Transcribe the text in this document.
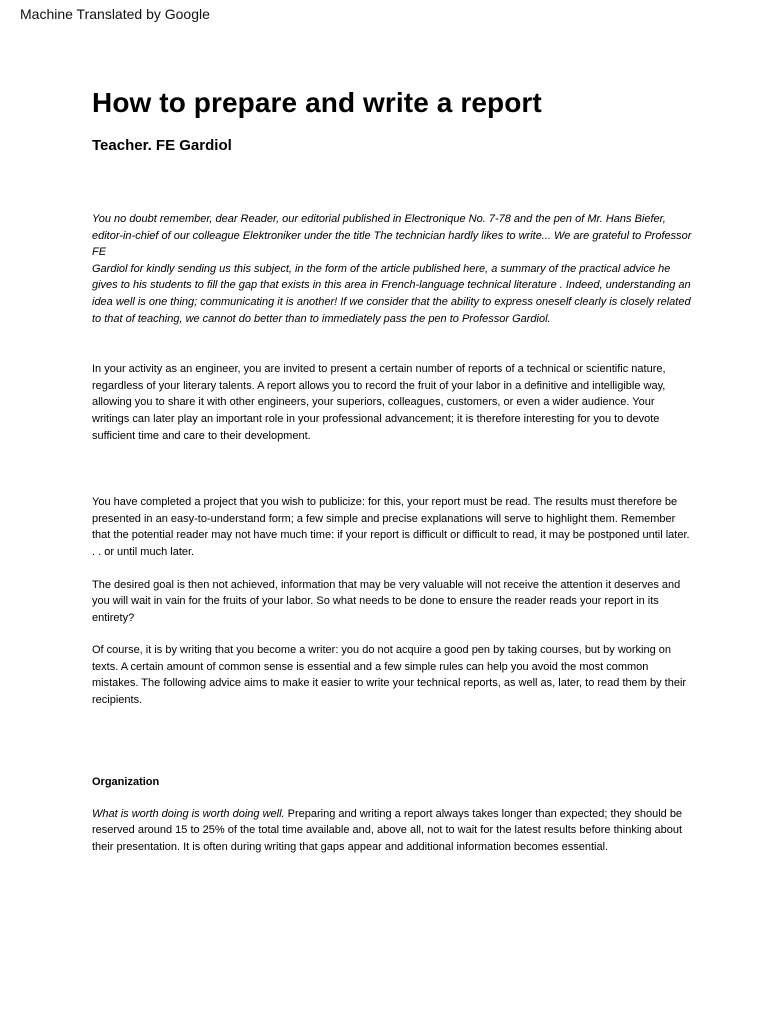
Machine Translated by Google
How to prepare and write a report
Teacher. FE Gardiol

You no doubt remember, dear Reader, our editorial published in Electronique No. 7-78 and the pen of Mr. Hans Biefer, editor-in-chief of our colleague Elektroniker under the title The technician hardly likes to write... We are grateful to Professor FE

Gardiol for kindly sending us this subject, in the form of the article published here, a summary of the practical advice he gives to his students to fill the gap that exists in this area in French-language technical literature . Indeed, understanding an idea well is one thing; communicating it is another! If we consider that the ability to express oneself clearly is closely related to that of teaching, we cannot do better than to immediately pass the pen to Professor Gardiol.

In your activity as an engineer, you are invited to present a certain number of reports of a technical or scientific nature, regardless of your literary talents. A report allows you to record the fruit of your labor in a definitive and intelligible way, allowing you to share it with other engineers, your superiors, colleagues, customers, or even a wider audience. Your writings can later play an important role in your professional advancement; it is therefore interesting for you to devote sufficient time and care to their development.

You have completed a project that you wish to publicize: for this, your report must be read. The results must therefore be presented in an easy-to-understand form; a few simple and precise explanations will serve to highlight them. Remember that the potential reader may not have much time: if your report is difficult or difficult to read, it may be postponed until later. . . or until much later.

The desired goal is then not achieved, information that may be very valuable will not receive the attention it deserves and you will wait in vain for the fruits of your labor. So what needs to be done to ensure the reader reads your report in its entirety?

Of course, it is by writing that you become a writer: you do not acquire a good pen by taking courses, but by working on texts. A certain amount of common sense is essential and a few simple rules can help you avoid the most common mistakes. The following advice aims to make it easier to write your technical reports, as well as, later, to read them by their recipients.

Organization

What is worth doing is worth doing well. Preparing and writing a report always takes longer than expected; they should be reserved around 15 to 25% of the total time available and, above all, not to wait for the latest results before thinking about their presentation. It is often during writing that gaps appear and additional information becomes essential.
